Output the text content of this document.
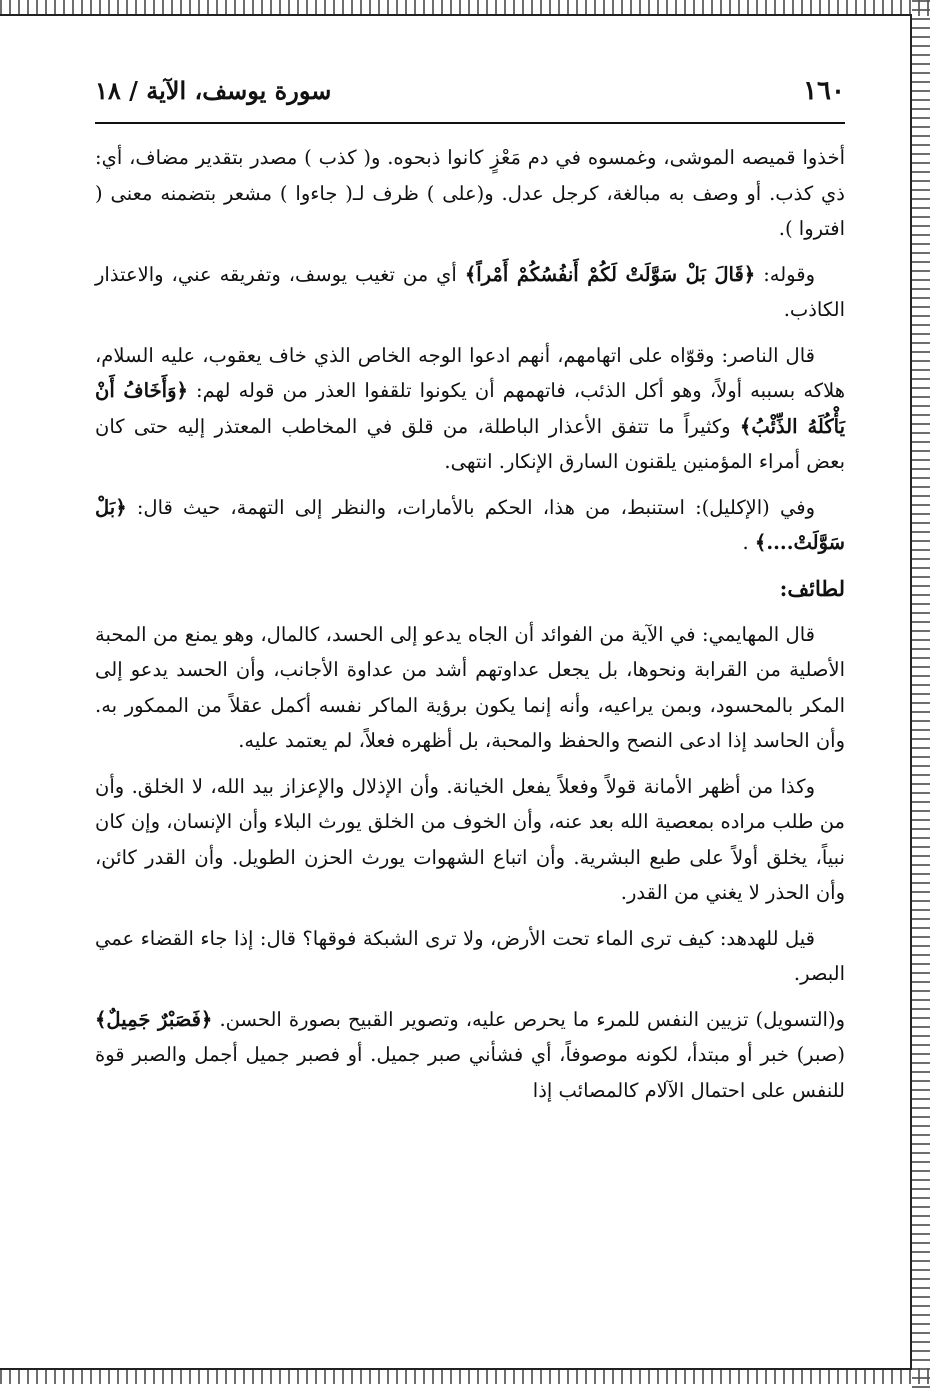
١٦٠
سورة يوسف، الآية / ١٨

أخذوا قميصه الموشى، وغمسوه في دم مَعْزٍ كانوا ذبحوه. و( كذب ) مصدر بتقدير مضاف، أي: ذي كذب. أو وصف به مبالغة، كرجل عدل. و(على ) ظرف لـ( جاءوا ) مشعر بتضمنه معنى ( افتروا ).

وقوله: ﴿قَالَ بَلْ سَوَّلَتْ لَكُمْ أَنفُسُكُمْ أَمْراً﴾ أي من تغيب يوسف، وتفريقه عني، والاعتذار الكاذب.

قال الناصر: وقوّاه على اتهامهم، أنهم ادعوا الوجه الخاص الذي خاف يعقوب، عليه السلام، هلاكه بسببه أولاً، وهو أكل الذئب، فاتهمهم أن يكونوا تلقفوا العذر من قوله لهم: ﴿وَأَخَافُ أَنْ يَأْكُلَهُ الذِّئْبُ﴾ وكثيراً ما تتفق الأعذار الباطلة، من قلق في المخاطب المعتذر إليه حتى كان بعض أمراء المؤمنين يلقنون السارق الإنكار. انتهى.

وفي (الإكليل): استنبط، من هذا، الحكم بالأمارات، والنظر إلى التهمة، حيث قال: ﴿بَلْ سَوَّلَتْ....﴾ .

لطائف:

قال المهايمي: في الآية من الفوائد أن الجاه يدعو إلى الحسد، كالمال، وهو يمنع من المحبة الأصلية من القرابة ونحوها، بل يجعل عداوتهم أشد من عداوة الأجانب، وأن الحسد يدعو إلى المكر بالمحسود، وبمن يراعيه، وأنه إنما يكون برؤية الماكر نفسه أكمل عقلاً من الممكور به. وأن الحاسد إذا ادعى النصح والحفظ والمحبة، بل أظهره فعلاً، لم يعتمد عليه.

وكذا من أظهر الأمانة قولاً وفعلاً يفعل الخيانة. وأن الإذلال والإعزاز بيد الله، لا الخلق. وأن من طلب مراده بمعصية الله بعد عنه، وأن الخوف من الخلق يورث البلاء وأن الإنسان، وإن كان نبياً، يخلق أولاً على طبع البشرية. وأن اتباع الشهوات يورث الحزن الطويل. وأن القدر كائن، وأن الحذر لا يغني من القدر.

قيل للهدهد: كيف ترى الماء تحت الأرض، ولا ترى الشبكة فوقها؟ قال: إذا جاء القضاء عمي البصر.

و(التسويل) تزيين النفس للمرء ما يحرص عليه، وتصوير القبيح بصورة الحسن. ﴿فَصَبْرٌ جَمِيلٌ﴾ (صبر) خبر أو مبتدأ، لكونه موصوفاً، أي فشأني صبر جميل. أو فصبر جميل أجمل والصبر قوة للنفس على احتمال الآلام كالمصائب إذا
